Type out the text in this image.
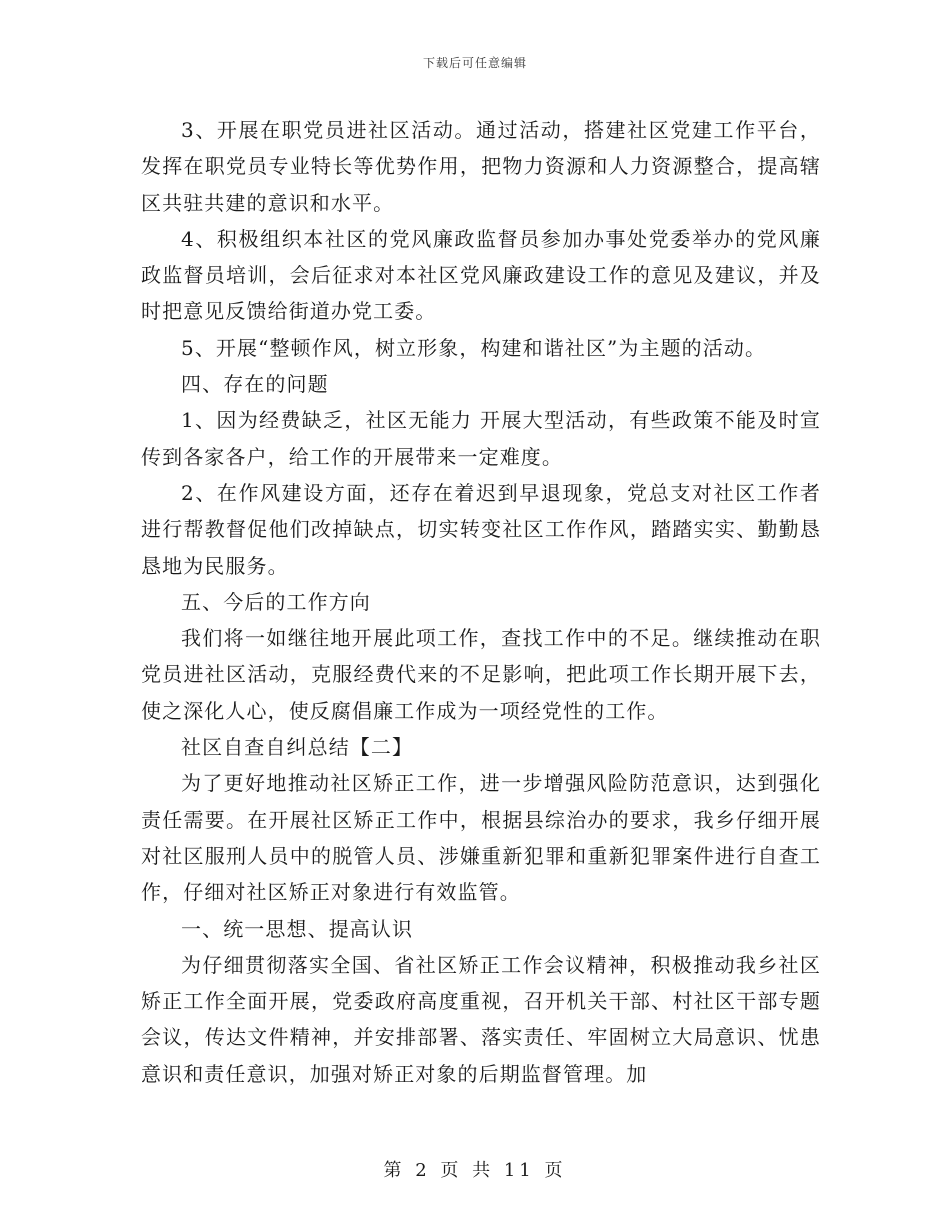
下载后可任意编辑

3、开展在职党员进社区活动。通过活动，搭建社区党建工作平台，发挥在职党员专业特长等优势作用，把物力资源和人力资源整合，提高辖区共驻共建的意识和水平。

4、积极组织本社区的党风廉政监督员参加办事处党委举办的党风廉政监督员培训，会后征求对本社区党风廉政建设工作的意见及建议，并及时把意见反馈给街道办党工委。

5、开展“整顿作风，树立形象，构建和谐社区”为主题的活动。

四、存在的问题

1、因为经费缺乏，社区无能力 开展大型活动，有些政策不能及时宣传到各家各户，给工作的开展带来一定难度。

2、在作风建设方面，还存在着迟到早退现象，党总支对社区工作者进行帮教督促他们改掉缺点，切实转变社区工作作风，踏踏实实、勤勤恳恳地为民服务。

五、今后的工作方向

我们将一如继往地开展此项工作，查找工作中的不足。继续推动在职党员进社区活动，克服经费代来的不足影响，把此项工作长期开展下去，使之深化人心，使反腐倡廉工作成为一项经党性的工作。

社区自查自纠总结【二】

为了更好地推动社区矫正工作，进一步增强风险防范意识，达到强化责任需要。在开展社区矫正工作中，根据县综治办的要求，我乡仔细开展对社区服刑人员中的脱管人员、涉嫌重新犯罪和重新犯罪案件进行自查工作，仔细对社区矫正对象进行有效监管。

一、统一思想、提高认识

为仔细贯彻落实全国、省社区矫正工作会议精神，积极推动我乡社区矫正工作全面开展，党委政府高度重视，召开机关干部、村社区干部专题会议，传达文件精神，并安排部署、落实责任、牢固树立大局意识、忧患意识和责任意识，加强对矫正对象的后期监督管理。加

第 2 页 共 11 页
